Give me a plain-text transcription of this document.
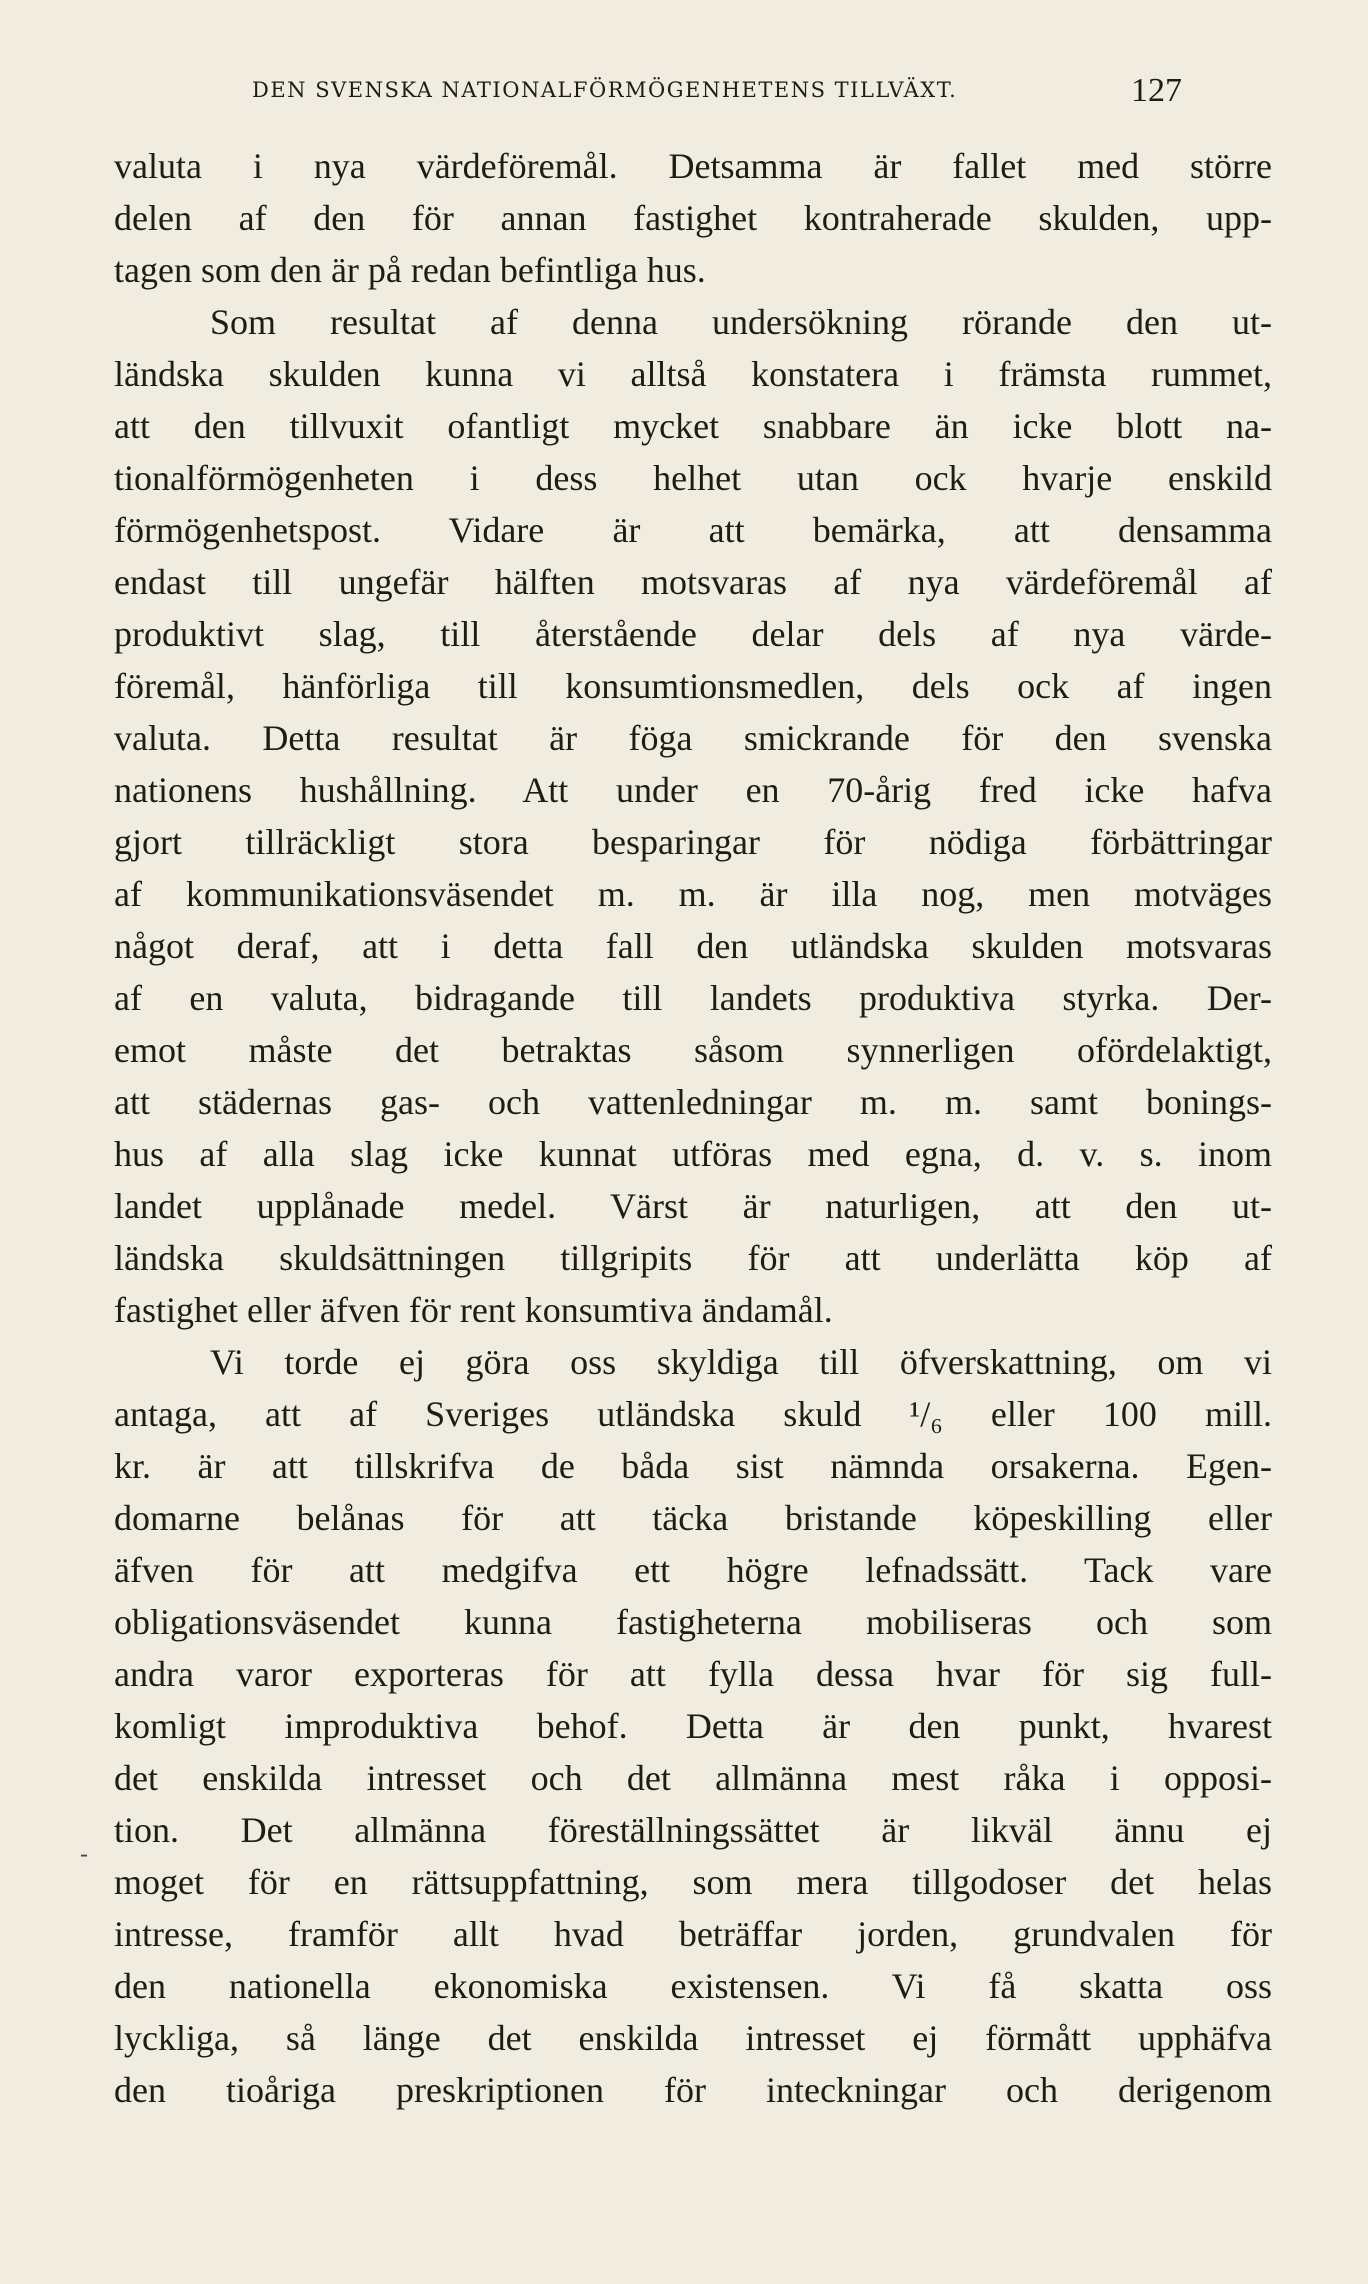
DEN SVENSKA NATIONALFÖRMÖGENHETENS TILLVÄXT.	127
-
valuta i nya värdeföremål. Detsamma är fallet med större
delen af den för annan fastighet kontraherade skulden, upp-
tagen som den är på redan befintliga hus.
Som resultat af denna undersökning rörande den ut-
ländska skulden kunna vi alltså konstatera i främsta rummet,
att den tillvuxit ofantligt mycket snabbare än icke blott na-
tionalförmögenheten i dess helhet utan ock hvarje enskild
förmögenhetspost. Vidare är att bemärka, att densamma
endast till ungefär hälften motsvaras af nya värdeföremål af
produktivt slag, till återstående delar dels af nya värde-
föremål, hänförliga till konsumtionsmedlen, dels ock af ingen
valuta. Detta resultat är föga smickrande för den svenska
nationens hushållning. Att under en 70-årig fred icke hafva
gjort tillräckligt stora besparingar för nödiga förbättringar
af kommunikationsväsendet m. m. är illa nog, men motväges
något deraf, att i detta fall den utländska skulden motsvaras
af en valuta, bidragande till landets produktiva styrka. Der-
emot måste det betraktas såsom synnerligen ofördelaktigt,
att städernas gas- och vattenledningar m. m. samt bonings-
hus af alla slag icke kunnat utföras med egna, d. v. s. inom
landet upplånade medel. Värst är naturligen, att den ut-
ländska skuldsättningen tillgripits för att underlätta köp af
fastighet eller äfven för rent konsumtiva ändamål.
Vi torde ej göra oss skyldiga till öfverskattning, om vi
antaga, att af Sveriges utländska skuld ¹/₆ eller 100 mill.
kr. är att tillskrifva de båda sist nämnda orsakerna. Egen-
domarne belånas för att täcka bristande köpeskilling eller
äfven för att medgifva ett högre lefnadssätt. Tack vare
obligationsväsendet kunna fastigheterna mobiliseras och som
andra varor exporteras för att fylla dessa hvar för sig full-
komligt improduktiva behof. Detta är den punkt, hvarest
det enskilda intresset och det allmänna mest råka i opposi-
tion. Det allmänna föreställningssättet är likväl ännu ej
moget för en rättsuppfattning, som mera tillgodoser det helas
intresse, framför allt hvad beträffar jorden, grundvalen för
den nationella ekonomiska existensen. Vi få skatta oss
lyckliga, så länge det enskilda intresset ej förmått upphäfva
den tioåriga preskriptionen för inteckningar och derigenom
